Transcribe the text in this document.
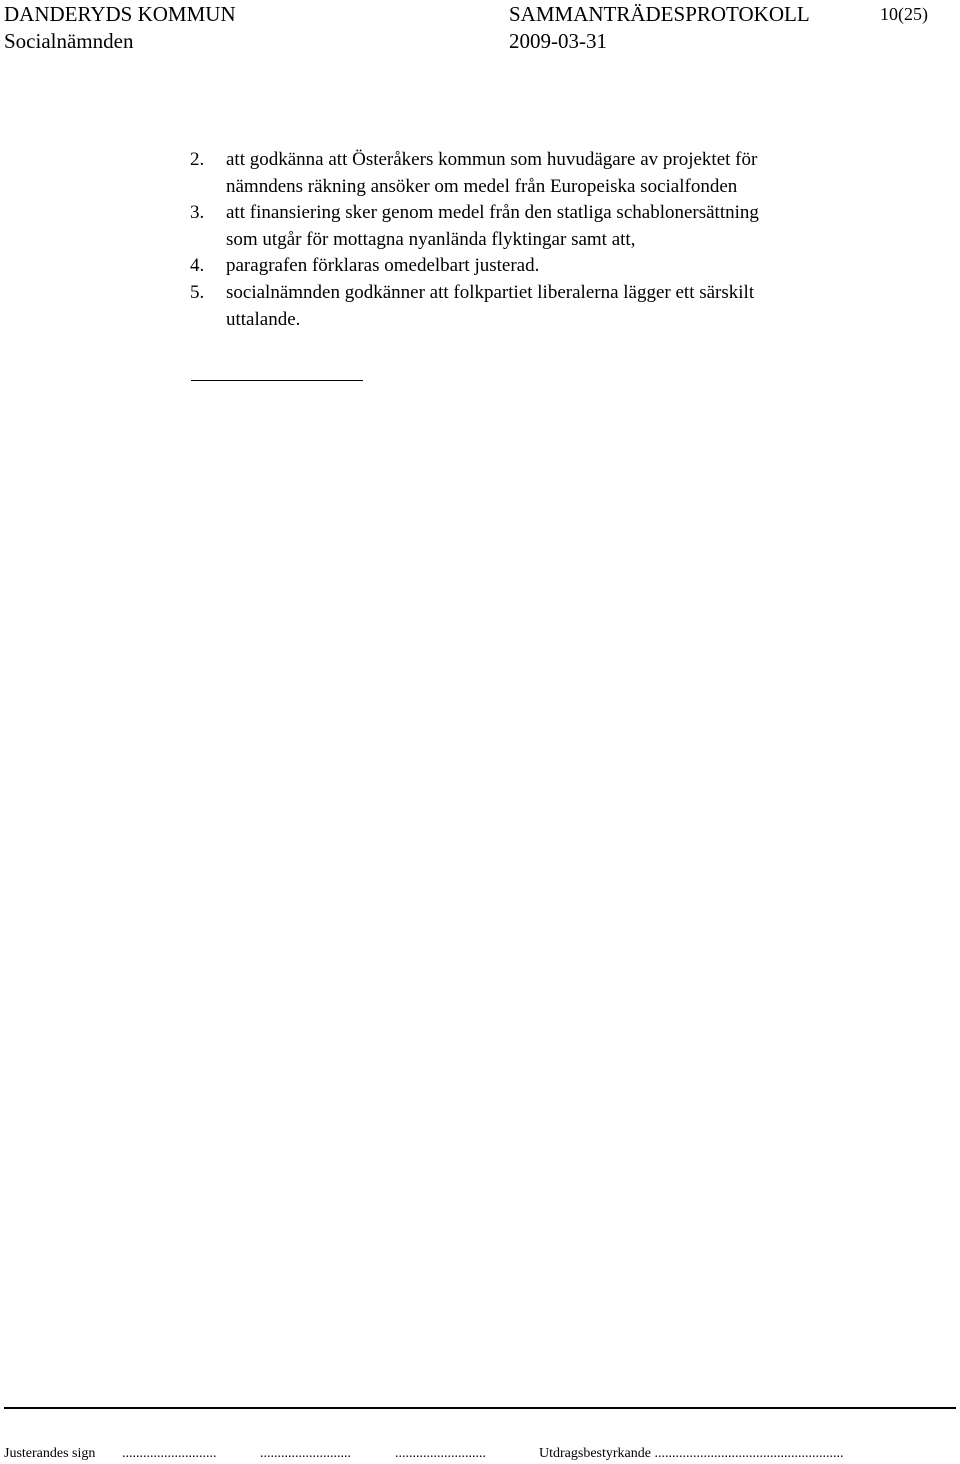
DANDERYDS KOMMUN
Socialnämnden
SAMMANTRÄDESPROTOKOLL
2009-03-31
10(25)
2. att godkänna att Österåkers kommun som huvudägare av projektet för
nämndens räkning ansöker om medel från Europeiska socialfonden
3. att finansiering sker genom medel från den statliga schablonersättning
som utgår för mottagna nyanlända flyktingar samt att,
4. paragrafen förklaras omedelbart justerad.
5. socialnämnden godkänner att folkpartiet liberalerna lägger ett särskilt
uttalande.
Justerandes sign ...........................	..........................	..........................	Utdragsbestyrkande ......................................................
